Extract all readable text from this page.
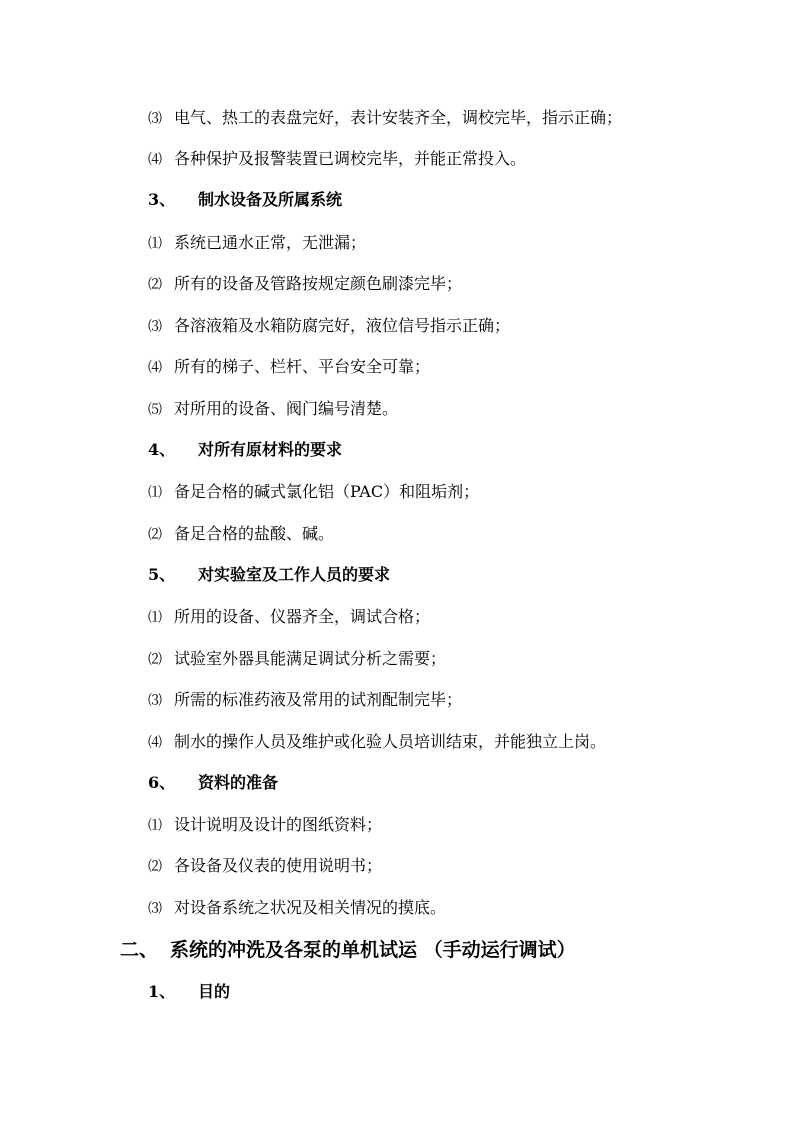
⑶ 电气、热工的表盘完好，表计安装齐全，调校完毕，指示正确；
⑷ 各种保护及报警装置已调校完毕，并能正常投入。
3、 制水设备及所属系统
⑴ 系统已通水正常，无泄漏；
⑵ 所有的设备及管路按规定颜色刷漆完毕；
⑶ 各溶液箱及水箱防腐完好，液位信号指示正确；
⑷ 所有的梯子、栏杆、平台安全可靠；
⑸ 对所用的设备、阀门编号清楚。
4、 对所有原材料的要求
⑴ 备足合格的碱式氯化铝（PAC）和阻垢剂；
⑵ 备足合格的盐酸、碱。
5、 对实验室及工作人员的要求
⑴ 所用的设备、仪器齐全，调试合格；
⑵ 试验室外器具能满足调试分析之需要；
⑶ 所需的标准药液及常用的试剂配制完毕；
⑷ 制水的操作人员及维护或化验人员培训结束，并能独立上岗。
6、 资料的准备
⑴ 设计说明及设计的图纸资料；
⑵ 各设备及仪表的使用说明书；
⑶ 对设备系统之状况及相关情况的摸底。
二、 系统的冲洗及各泵的单机试运 （手动运行调试）
1、 目的
